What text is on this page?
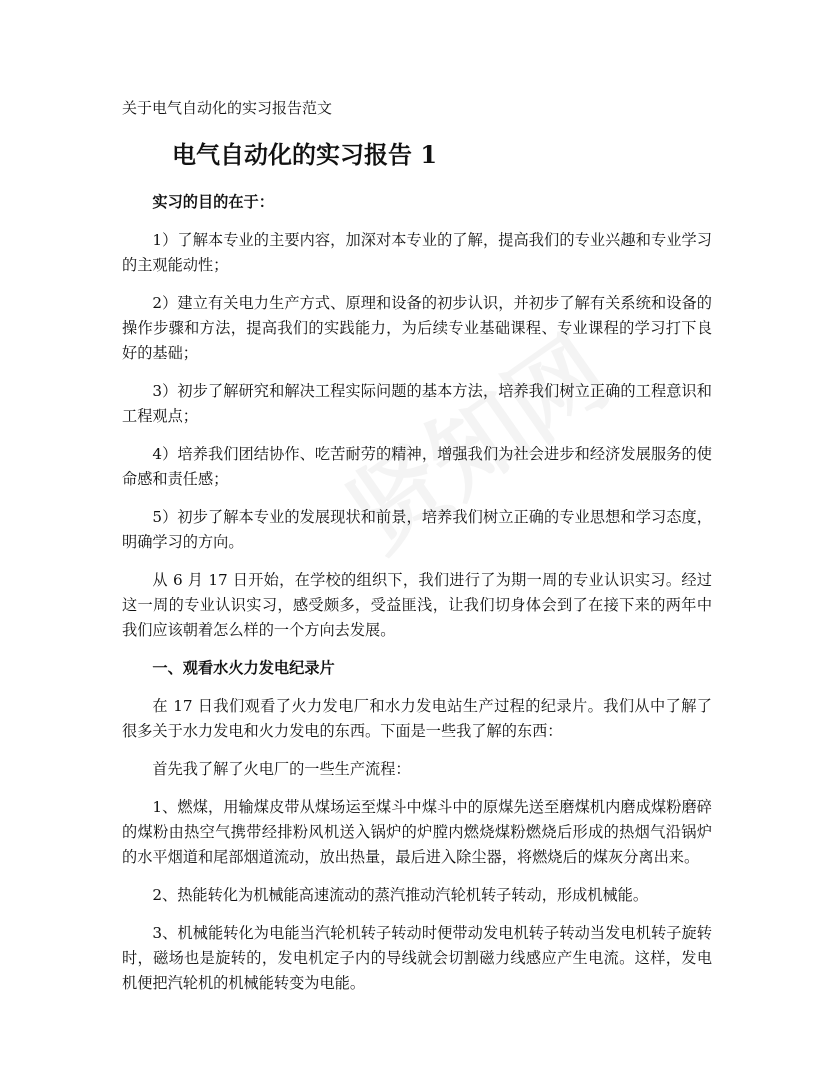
关于电气自动化的实习报告范文
电气自动化的实习报告 1

实习的目的在于：

1）了解本专业的主要内容，加深对本专业的了解，提高我们的专业兴趣和专业学习的主观能动性；

2）建立有关电力生产方式、原理和设备的初步认识，并初步了解有关系统和设备的操作步骤和方法，提高我们的实践能力，为后续专业基础课程、专业课程的学习打下良好的基础；

3）初步了解研究和解决工程实际问题的基本方法，培养我们树立正确的工程意识和工程观点；

4）培养我们团结协作、吃苦耐劳的精神，增强我们为社会进步和经济发展服务的使命感和责任感；

5）初步了解本专业的发展现状和前景，培养我们树立正确的专业思想和学习态度，明确学习的方向。

从 6 月 17 日开始，在学校的组织下，我们进行了为期一周的专业认识实习。经过这一周的专业认识实习，感受颇多，受益匪浅，让我们切身体会到了在接下来的两年中我们应该朝着怎么样的一个方向去发展。

一、观看水火力发电纪录片

在 17 日我们观看了火力发电厂和水力发电站生产过程的纪录片。我们从中了解了很多关于水力发电和火力发电的东西。下面是一些我了解的东西：

首先我了解了火电厂的一些生产流程：

1、燃煤，用输煤皮带从煤场运至煤斗中煤斗中的原煤先送至磨煤机内磨成煤粉磨碎的煤粉由热空气携带经排粉风机送入锅炉的炉膛内燃烧煤粉燃烧后形成的热烟气沿锅炉的水平烟道和尾部烟道流动，放出热量，最后进入除尘器，将燃烧后的煤灰分离出来。

2、热能转化为机械能高速流动的蒸汽推动汽轮机转子转动，形成机械能。

3、机械能转化为电能当汽轮机转子转动时便带动发电机转子转动当发电机转子旋转时，磁场也是旋转的，发电机定子内的导线就会切割磁力线感应产生电流。这样，发电机便把汽轮机的机械能转变为电能。
